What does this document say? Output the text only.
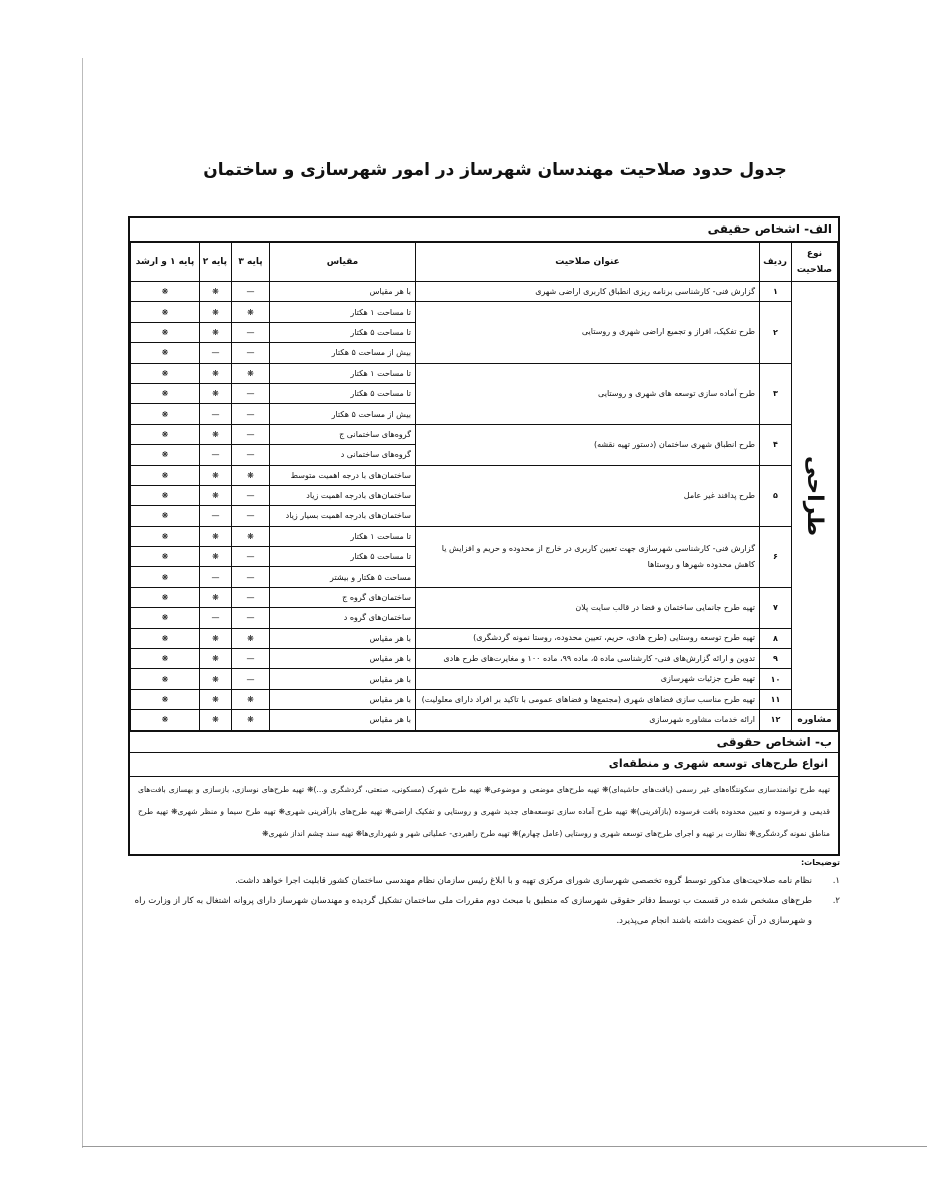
جدول حدود صلاحیت مهندسان شهرساز در امور شهرسازی و ساختمان
الف- اشخاص حقیقی
نوع صلاحیت	ردیف	عنوان صلاحیت	مقیاس	پایه ۳	پایه ۲	پایه ۱ و ارشد

طراحی	۱	گزارش فنی- کارشناسی برنامه ریزی انطباق کاربری اراضی شهری	با هر مقیاس	—	❋	❋
	۲	طرح تفکیک، افراز و تجمیع اراضی شهری و روستایی	تا مساحت ۱ هکتار	❋	❋	❋
			تا مساحت ۵ هکتار	—	❋	❋
			بیش از مساحت ۵ هکتار	—	—	❋
	۳	طرح آماده سازی توسعه های شهری و روستایی	تا مساحت ۱ هکتار	❋	❋	❋
			تا مساحت ۵ هکتار	—	❋	❋
			بیش از مساحت ۵ هکتار	—	—	❋
	۴	طرح انطباق شهری ساختمان (دستور تهیه نقشه)	گروه‌های ساختمانی ج	—	❋	❋
			گروه‌های ساختمانی د	—	—	❋
	۵	طرح پدافند غیر عامل	ساختمان‌های با درجه اهمیت متوسط	❋	❋	❋
			ساختمان‌های بادرجه اهمیت زیاد	—	❋	❋
			ساختمان‌های بادرجه اهمیت بسیار زیاد	—	—	❋
	۶	گزارش فنی- کارشناسی شهرسازی جهت تعیین کاربری در خارج از محدوده و حریم و افزایش یا کاهش محدوده شهرها و روستاها	تا مساحت ۱ هکتار	❋	❋	❋
			تا مساحت ۵ هکتار	—	❋	❋
			مساحت ۵ هکتار و بیشتر	—	—	❋
	۷	تهیه طرح جانمایی ساختمان و فضا در قالب سایت پلان	ساختمان‌های گروه ج	—	❋	❋
			ساختمان‌های گروه د	—	—	❋
	۸	تهیه طرح توسعه روستایی (طرح هادی، حریم، تعیین محدوده، روستا نمونه گردشگری)	با هر مقیاس	❋	❋	❋
	۹	تدوین و ارائه گزارش‌های فنی- کارشناسی ماده ۵، ماده ۹۹، ماده ۱۰۰ و مغایرت‌های طرح هادی	با هر مقیاس	—	❋	❋
	۱۰	تهیه طرح جزئیات شهرسازی	با هر مقیاس	—	❋	❋
	۱۱	تهیه طرح مناسب سازی فضاهای شهری (مجتمع‌ها و فضاهای عمومی با تاکید بر افراد دارای معلولیت)	با هر مقیاس	❋	❋	❋
مشاوره	۱۲	ارائه خدمات مشاوره شهرسازی	با هر مقیاس	❋	❋	❋
ب- اشخاص حقوقی
انواع طرح‌های توسعه شهری و منطقه‌ای
تهیه طرح توانمندسازی سکونتگاه‌های غیر رسمی (بافت‌های حاشیه‌ای)❋ تهیه طرح‌های موضعی و موضوعی❋ تهیه طرح شهرک (مسکونی، صنعتی، گردشگری و...)❋ تهیه طرح‌های نوسازی، بازسازی و بهسازی بافت‌های قدیمی و فرسوده و تعیین محدوده بافت فرسوده (بازآفرینی)❋ تهیه طرح آماده سازی توسعه‌های جدید شهری و روستایی و تفکیک اراضی❋ تهیه طرح‌های بازآفرینی شهری❋ تهیه طرح سیما و منظر شهری❋ تهیه طرح مناطق نمونه گردشگری❋ نظارت بر تهیه و اجرای طرح‌های توسعه شهری و روستایی (عامل چهارم)❋ تهیه طرح راهبردی- عملیاتی شهر و شهرداری‌ها❋ تهیه سند چشم انداز شهری❋
توضیحات:
۱.
نظام نامه صلاحیت‌های مذکور توسط گروه تخصصی شهرسازی شورای مرکزی تهیه و با ابلاغ رئیس سازمان نظام مهندسی ساختمان کشور قابلیت اجرا خواهد داشت.
۲.
طرح‌های مشخص شده در قسمت ب توسط دفاتر حقوقی شهرسازی که منطبق با مبحث دوم مقررات ملی ساختمان تشکیل گردیده و مهندسان شهرساز دارای پروانه اشتغال به کار از وزارت راه و شهرسازی در آن عضویت داشته باشند انجام می‌پذیرد.
